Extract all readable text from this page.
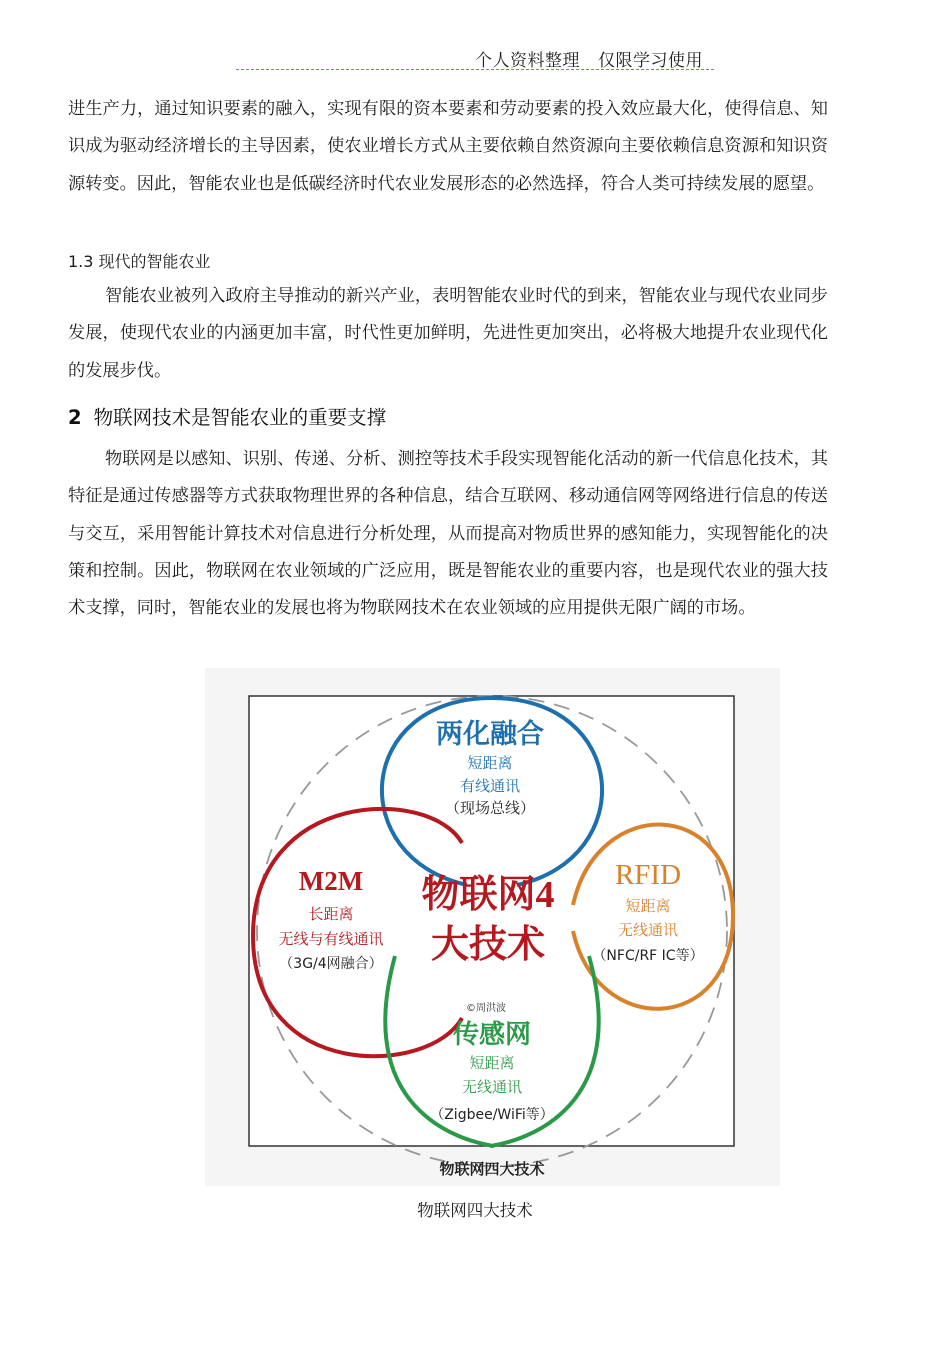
个人资料整理 仅限学习使用

进生产力，通过知识要素的融入，实现有限的资本要素和劳动要素的投入效应最大化，使得信息、知识成为驱动经济增长的主导因素，使农业增长方式从主要依赖自然资源向主要依赖信息资源和知识资源转变。因此，智能农业也是低碳经济时代农业发展形态的必然选择，符合人类可持续发展的愿望。

1.3 现代的智能农业

智能农业被列入政府主导推动的新兴产业，表明智能农业时代的到来，智能农业与现代农业同步发展，使现代农业的内涵更加丰富，时代性更加鲜明，先进性更加突出，必将极大地提升农业现代化的发展步伐。

2 物联网技术是智能农业的重要支撑

物联网是以感知、识别、传递、分析、测控等技术手段实现智能化活动的新一代信息化技术，其特征是通过传感器等方式获取物理世界的各种信息，结合互联网、移动通信网等网络进行信息的传送与交互，采用智能计算技术对信息进行分析处理，从而提高对物质世界的感知能力，实现智能化的决策和控制。因此，物联网在农业领域的广泛应用，既是智能农业的重要内容，也是现代农业的强大技术支撑，同时，智能农业的发展也将为物联网技术在农业领域的应用提供无限广阔的市场。

两化融合
短距离
有线通讯
（现场总线）
M2M
长距离
无线与有线通讯
（3G/4网融合）
RFID
短距离
无线通讯
（NFC/RF IC等）
传感网
短距离
无线通讯
（Zigbee/WiFi等）
物联网4
大技术
©周洪波
物联网四大技术
物联网四大技术
